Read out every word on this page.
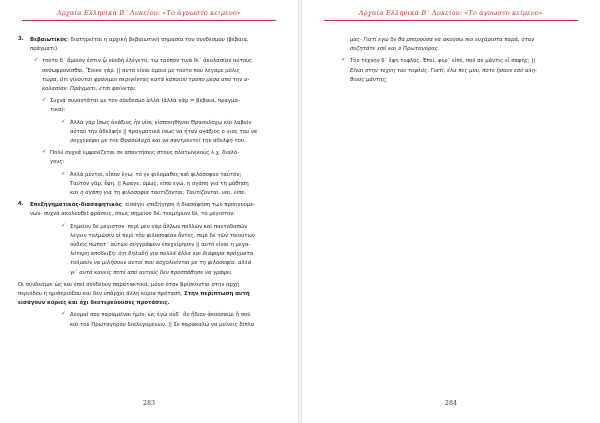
Αρχαία Ελληνικά Β΄ Λυκείου: «Το άγνωστο κείμενο»
3. Βεβαιωτικός: διατηρείται η αρχική βεβαιωτική σημασία του συνδέσμου (βέβαια,

πράγματι).

✓ τοῦτο δ᾽ ὅμοιόν ἐστιν ᾧ νῦνδὴ ἐλέγετο, τῷ τρόπον τινὰ δι᾽ ἀκολασίαν αὐτοὺς

σεσωφρονίσθαι. Ἔοικε γάρ. || αυτό είναι όμοιο με τούτο που λέγαμε μόλις

τώρα, ότι γίνονται φρόνιμοι περιγύντας κατά κάποιον τρόπο μέσα από την α-

κολασίαν. Πράγματι, έτσι φαίνεται.

✓ Συχνά συναντάται με τον σύνδεσμο ἀλλά (ἀλλὰ γάρ = βέβαια, πραγμα-

τικά):

✓ Ἀλλὰ γάρ ἴσως ἀνάξιος ἦν υἱὸς εἰσποιηθῆναι Θρασυλόχῳ καὶ λαβεῖν

αὐτοῦ τὴν ἀδελφήν || πραγματικά ίσως να ήταν ανάξιος ο γιος του να

συγχενέψει με τον Θρασύλοχο και να παντρευτεί την αδελφή του.

✓ Πολύ συχνά εμφανίζεται σε απαντήσεις στους πλατωνικούς λ.χ. διαλό-

γους:

✓ Ἀλλὰ μέντοι, εἶπον ἐγώ, τό γε φιλομαθὲς καὶ φιλόσοφον ταὐτόν;

Ταὐτὸν γάρ, ἔφη. || Άραγε, όμως, είπα εγώ, η αγάπη για τη μάθηση

και η αγάπη για τη φιλοσοφία ταυτίζονται; Ταυτίζονται, ναι, είπε.

4. Επεξηγηματικός-διασαφητικός: εισάγει επεξήγηση ή διασάφηση των προηγούμε-

νων· συχνά ακολουθεί φράσεις, όπως σημεῖον δέ, τεκμήριον δέ, τὸ μέγιστον:

✓ Σημεῖον δὲ μέγιστον· περὶ μὲν γὰρ ἄλλων πολλῶν καὶ παντοδαπῶν

λέγειν τολμῶσιν οἱ περὶ τὴν φιλοσοφίαν ὄντες, περὶ δὲ τῶν τοιούτων

οὐδεὶς πώποτ᾽ αὐτῶν συγγράφειν ἐπεχείρησεν || αυτό είναι η μεγα-

λύτερη απόδειξη: ότι δηλαδή για πολλά άλλα και διάφορα πράγματα

τολμούν να μιλήσουν αυτοί που ασχολούνται με τη φιλοσοφία, αλλά

γι᾽ αυτά κανείς ποτέ από αυτούς δεν προσπάθησε να γράψει.

Οι σύνδεσμοι ὡς και ἐπεί συνδέουν παρατακτικά, μόνο όταν βρίσκονται στην αρχή

περιόδου ή ημιπεριόδου και δεν υπάρχει άλλη κύρια πρόταση. Στην περίπτωση αυτή

εισάγουν κύριες και όχι δευτερεύουσες προτάσεις.

✓ Δέομαί σου παραμεῖναι ἡμῖν· ὡς ἐγὼ οὐδ᾽ ἂν ἥδιον ἀκούσαιμι ἤ σοῦ

καὶ τοῦ Πρωταγόρου διαλεγομένων. || Σε παρακαλώ να μείνεις δίπλα

283
Αρχαία Ελληνικά Β΄ Λυκείου: «Το άγνωστο κείμενο»

μας· Γιατί εγώ δε θα μπορούσα να ακούσω πιο ευχάριστα παρά, όταν

συζητάτε εσύ και ο Πρωταγόρας.

✓ Τὴν τέχνην δ᾽ ἔφη τυφλός. Ἐπεί, φέρ᾽ εἰπέ, ποῦ σὺ μάντις εἶ σαφής; ||

Είναι στην τέχνη του τυφλός. Γιατί, έλα πες μου, πότε ήσουν εσύ αλη-

θινός μάντης;

284
